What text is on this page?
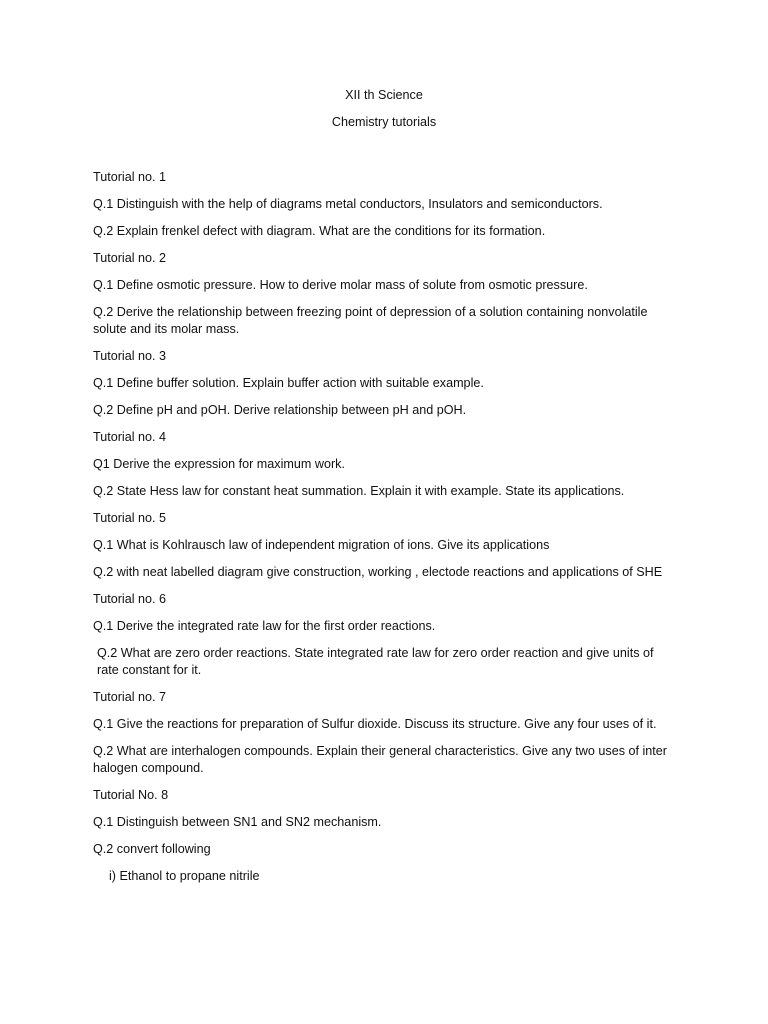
XII th Science
Chemistry tutorials

Tutorial no. 1

Q.1 Distinguish with the help of diagrams metal conductors, Insulators and semiconductors.

Q.2 Explain frenkel defect with diagram. What are the conditions for its formation.

Tutorial no. 2

Q.1 Define osmotic pressure. How to derive molar mass of solute from osmotic pressure.

Q.2 Derive the relationship between freezing point of depression of a solution containing nonvolatile solute and its molar mass.

Tutorial no. 3

Q.1 Define buffer solution. Explain buffer action with suitable example.

Q.2 Define pH and pOH. Derive relationship between pH and pOH.

Tutorial no. 4

Q1 Derive the expression for maximum work.

Q.2 State Hess law for constant heat summation. Explain it with example. State its applications.

Tutorial no. 5

Q.1 What is Kohlrausch law of independent migration of ions. Give its applications

Q.2 with neat labelled diagram give construction, working , electode reactions and applications of SHE

Tutorial no. 6

Q.1 Derive the integrated rate law for the first order reactions.

Q.2 What are zero order reactions. State integrated rate law for zero order reaction and give units of rate constant for it.

Tutorial no. 7

Q.1 Give the reactions for preparation of Sulfur dioxide. Discuss its structure. Give any four uses of it.

Q.2 What are interhalogen compounds. Explain their general characteristics. Give any two uses of inter halogen compound.

Tutorial No. 8

Q.1 Distinguish between SN1 and SN2 mechanism.

Q.2 convert following

i) Ethanol to propane nitrile
